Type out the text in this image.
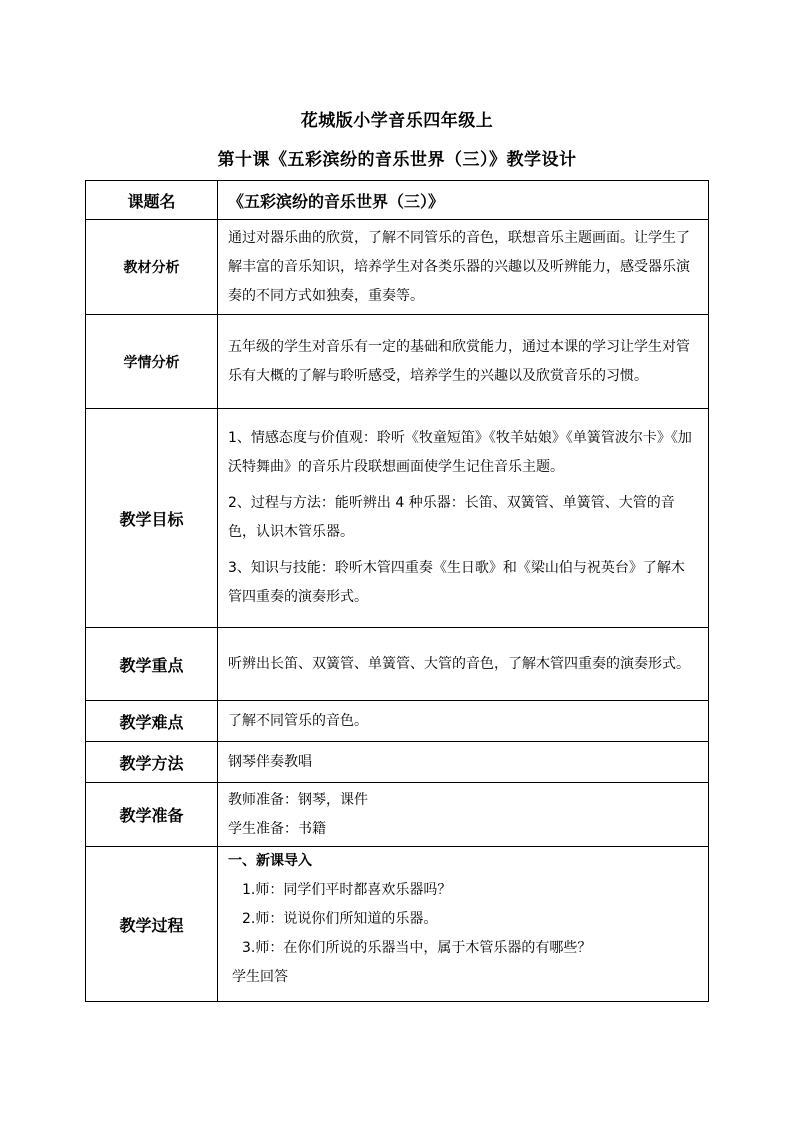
花城版小学音乐四年级上
第十课《五彩滨纷的音乐世界（三）》教学设计
课题名	《五彩滨纷的音乐世界（三）》
教材分析	通过对器乐曲的欣赏，了解不同管乐的音色，联想音乐主题画面。让学生了解丰富的音乐知识，培养学生对各类乐器的兴趣以及听辨能力，感受器乐演奏的不同方式如独奏，重奏等。
学情分析	五年级的学生对音乐有一定的基础和欣赏能力，通过本课的学习让学生对管乐有大概的了解与聆听感受，培养学生的兴趣以及欣赏音乐的习惯。
教学目标	1、情感态度与价值观：聆听《牧童短笛》《牧羊姑娘》《单簧管波尔卡》《加沃特舞曲》的音乐片段联想画面使学生记住音乐主题。

2、过程与方法：能听辨出 4 种乐器：长笛、双簧管、单簧管、大管的音色，认识木管乐器。

3、知识与技能：聆听木管四重奏《生日歌》和《梁山伯与祝英台》了解木管四重奏的演奏形式。

教学重点	听辨出长笛、双簧管、单簧管、大管的音色，了解木管四重奏的演奏形式。
教学难点	了解不同管乐的音色。
教学方法	钢琴伴奏教唱
教学准备	教师准备：钢琴，课件
学生准备：书籍

教学过程	一、新课导入
1.师：同学们平时都喜欢乐器吗？
2.师：说说你们所知道的乐器。
3.师：在你们所说的乐器当中，属于木管乐器的有哪些？
学生回答
